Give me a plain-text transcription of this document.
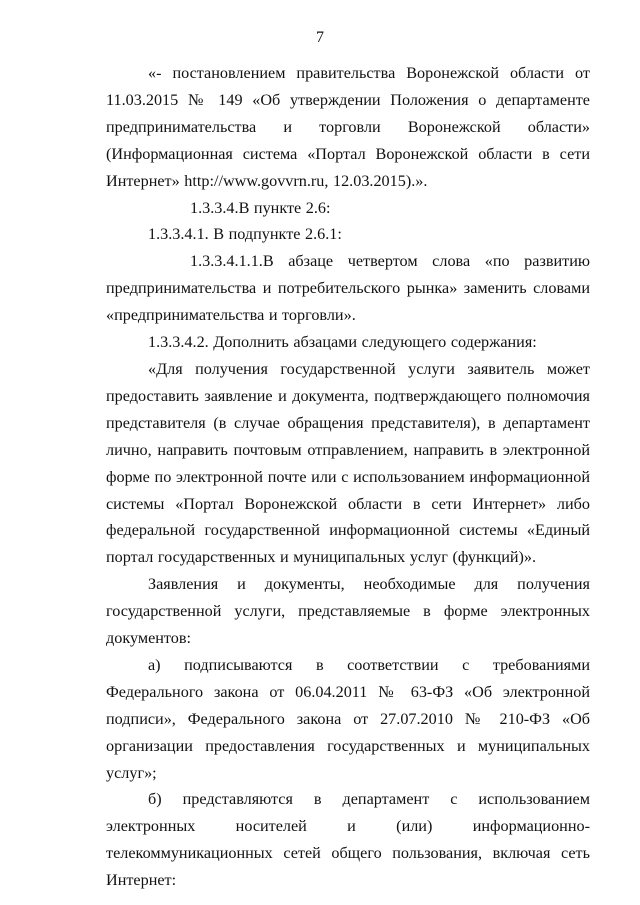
7

«- постановлением правительства Воронежской области от 11.03.2015 № 149 «Об утверждении Положения о департаменте предпринимательства и торговли Воронежской области» (Информационная система «Портал Воронежской области в сети Интернет» http://www.govvrn.ru, 12.03.2015).».

1.3.3.4.В пункте 2.6:

1.3.3.4.1. В подпункте 2.6.1:

1.3.3.4.1.1.В абзаце четвертом слова «по развитию предпринимательства и потребительского рынка» заменить словами «предпринимательства и торговли».

1.3.3.4.2. Дополнить абзацами следующего содержания:

«Для получения государственной услуги заявитель может предоставить заявление и документа, подтверждающего полномочия представителя (в случае обращения представителя), в департамент лично, направить почтовым отправлением, направить в электронной форме по электронной почте или с использованием информационной системы «Портал Воронежской области в сети Интернет» либо федеральной государственной информационной системы «Единый портал государственных и муниципальных услуг (функций)».

Заявления и документы, необходимые для получения государственной услуги, представляемые в форме электронных документов:

а) подписываются в соответствии с требованиями Федерального закона от 06.04.2011 № 63-ФЗ «Об электронной подписи», Федерального закона от 27.07.2010 № 210-ФЗ «Об организации предоставления государственных и муниципальных услуг»;

б) представляются в департамент с использованием электронных носителей и (или) информационно-телекоммуникационных сетей общего пользования, включая сеть Интернет:
